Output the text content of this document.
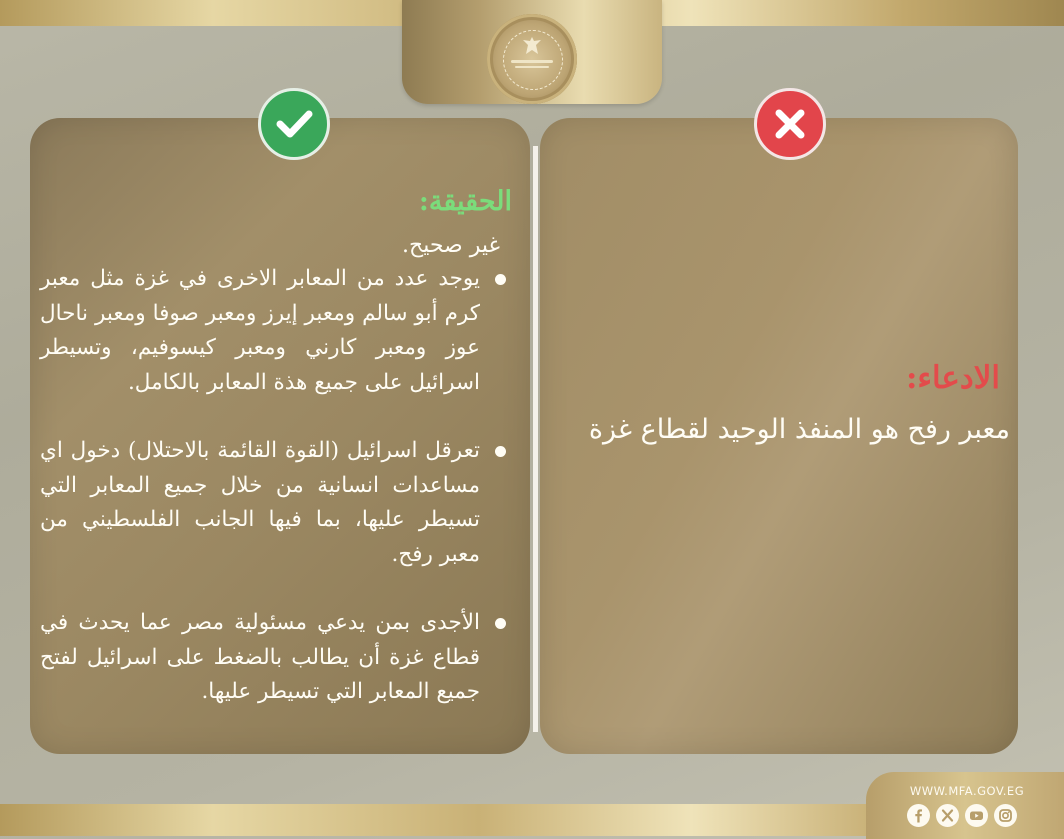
الحقيقة:
غير صحيح.
يوجد عدد من المعابر الاخرى في غزة مثل معبر كرم أبو سالم ومعبر إيرز ومعبر صوفا ومعبر ناحال عوز ومعبر كارني ومعبر كيسوفيم، وتسيطر اسرائيل على جميع هذة المعابر بالكامل.
تعرقل اسرائيل (القوة القائمة بالاحتلال) دخول اي مساعدات انسانية من خلال جميع المعابر التي تسيطر عليها، بما فيها الجانب الفلسطيني من معبر رفح.
الأجدى بمن يدعي مسئولية مصر عما يحدث في قطاع غزة أن يطالب بالضغط على اسرائيل لفتح جميع المعابر التي تسيطر عليها.
الادعاء:
معبر رفح هو المنفذ الوحيد لقطاع غزة
WWW.MFA.GOV.EG
